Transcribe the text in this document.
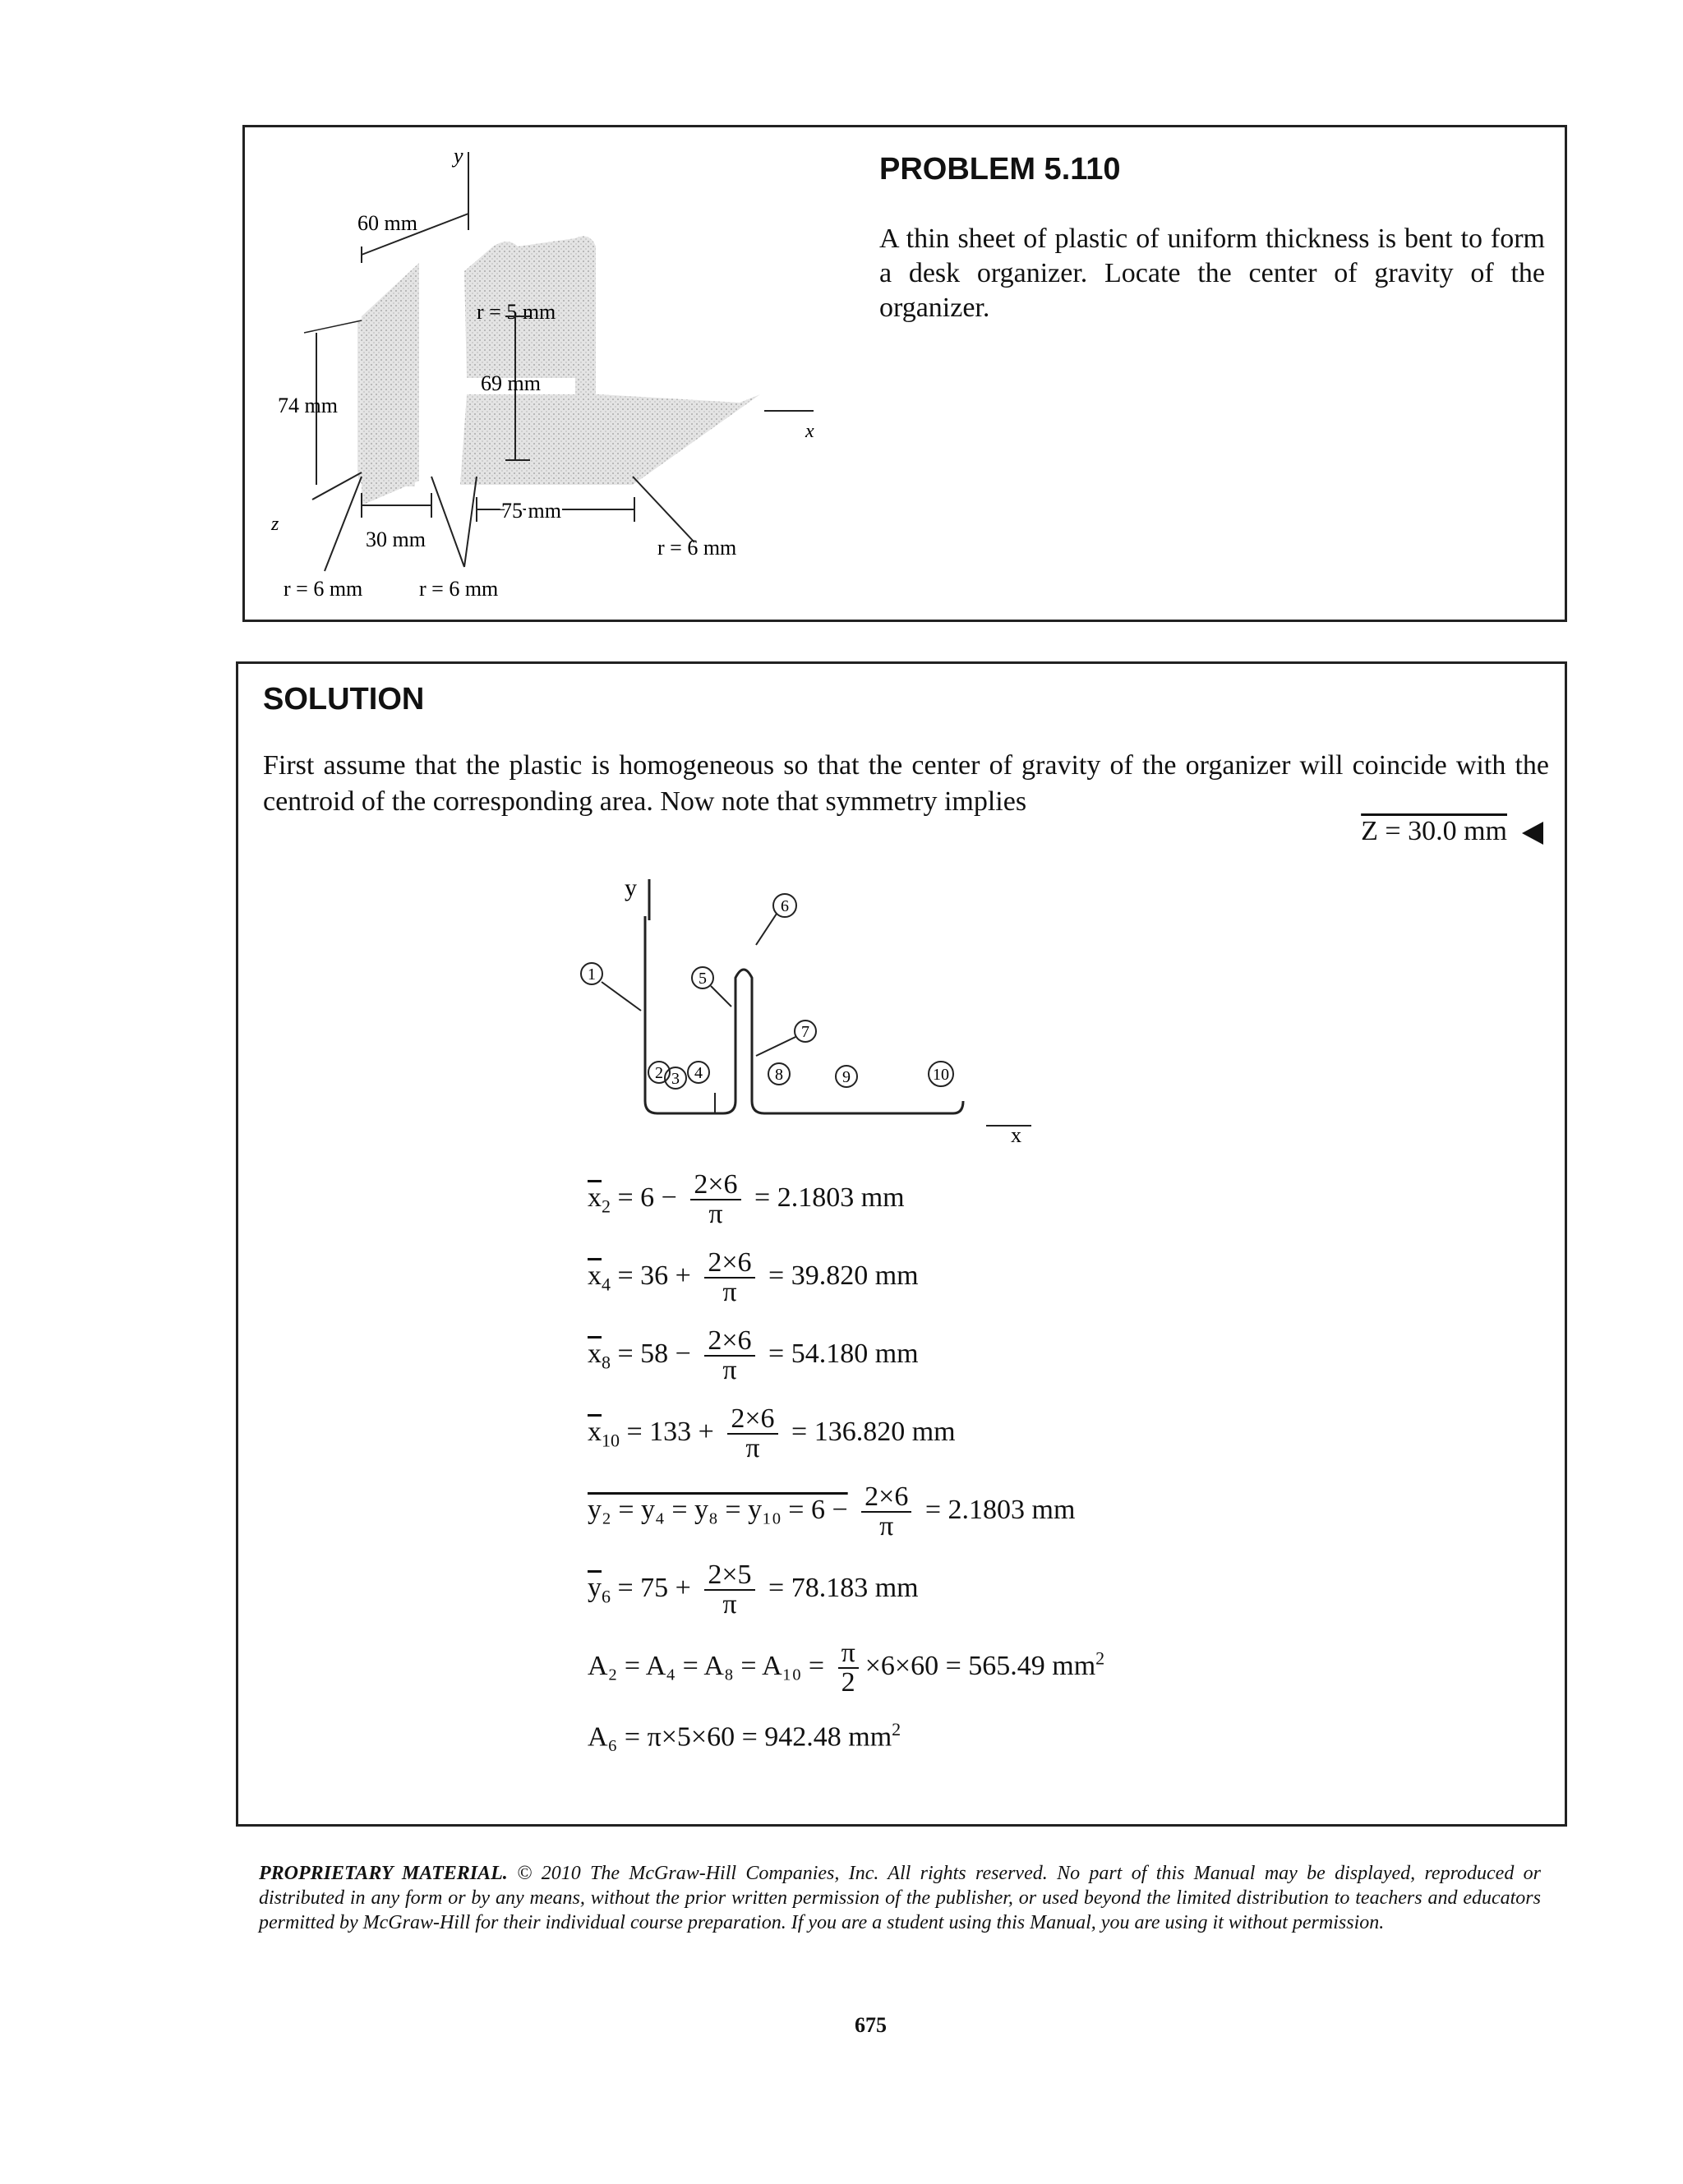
y
x
z
60 mm
r = 5 mm
69 mm
74 mm
30 mm
75 mm
r = 6 mm	r = 6 mm
r = 6 mm
PROBLEM 5.110
A thin sheet of plastic of uniform thickness is bent to form a desk organizer. Locate the center of gravity of the organizer.
SOLUTION
First assume that the plastic is homogeneous so that the center of gravity of the organizer will coincide with the centroid of the corresponding area. Now note that symmetry implies
Z = 30.0 mm
y
x
1
2 3 4
5
6
7
8	9	10
$\overline{x}_2 = 6 - \frac{2\times 6}{\pi} = 2.1803$ mm
$\overline{x}_4 = 36 + \frac{2\times 6}{\pi} = 39.820$ mm
$\overline{x}_8 = 58 - \frac{2\times 6}{\pi} = 54.180$ mm
$\overline{x}_{10} = 133 + \frac{2\times 6}{\pi} = 136.820$ mm
$y_2 = y_4 = y_8 = y_{10} = 6 - \frac{2\times 6}{\pi} = 2.1803$ mm
$\overline{y}_6 = 75 + \frac{2\times 5}{\pi} = 78.183$ mm
$A_2 = A_4 = A_8 = A_{10} = \frac{\pi}{2} \times 6\times 60 = 565.49$ $mm^2$
A₆ = π×5×60 = 942.48 $mm^2$
PROPRIETARY MATERIAL. © 2010 The McGraw-Hill Companies, Inc. All rights reserved. No part of this Manual may be displayed, reproduced or distributed in any form or by any means, without the prior written permission of the publisher, or used beyond the limited distribution to teachers and educators permitted by McGraw-Hill for their individual course preparation. If you are a student using this Manual, you are using it without permission.
675
